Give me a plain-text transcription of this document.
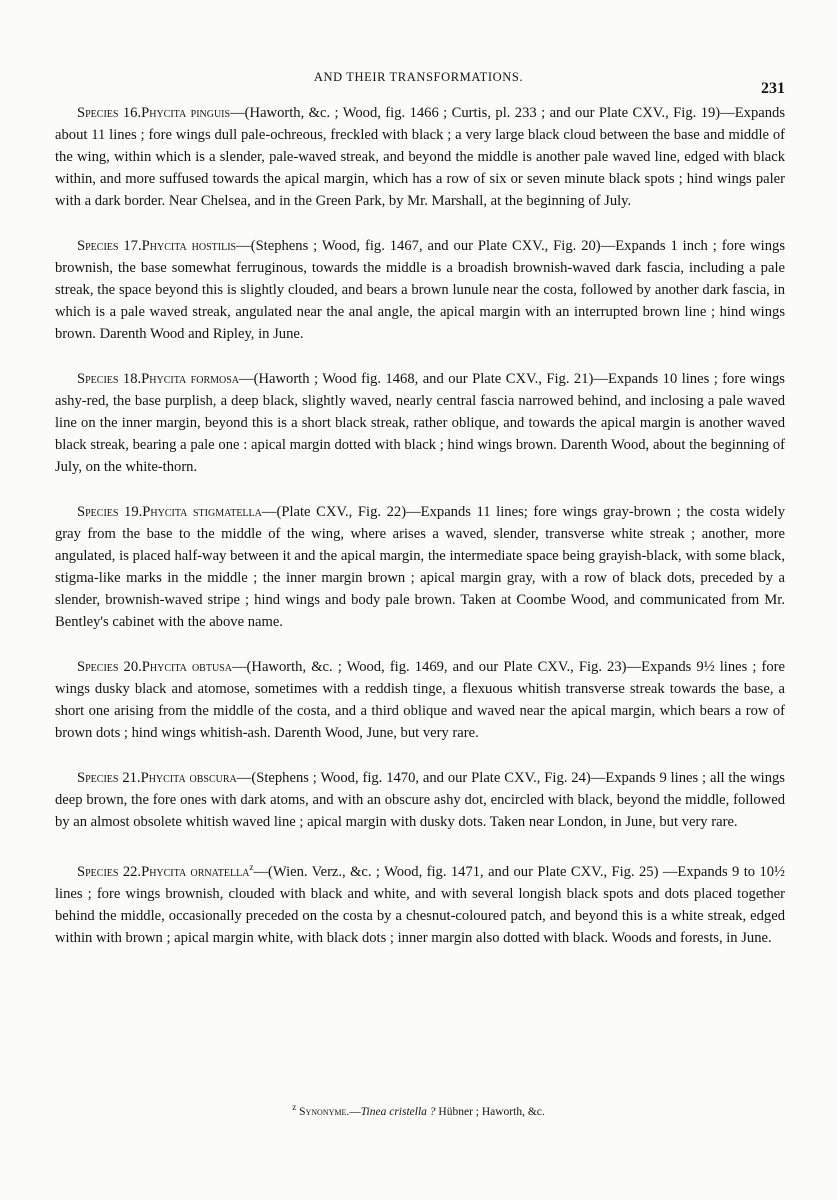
AND THEIR TRANSFORMATIONS.
231

Species 16.Phycita pinguis—(Haworth, &c. ; Wood, fig. 1466 ; Curtis, pl. 233 ; and our Plate CXV., Fig. 19)—Expands about 11 lines ; fore wings dull pale-ochreous, freckled with black ; a very large black cloud between the base and middle of the wing, within which is a slender, pale-waved streak, and beyond the middle is another pale waved line, edged with black within, and more suffused towards the apical margin, which has a row of six or seven minute black spots ; hind wings paler with a dark border. Near Chelsea, and in the Green Park, by Mr. Marshall, at the beginning of July.

Species 17.Phycita hostilis—(Stephens ; Wood, fig. 1467, and our Plate CXV., Fig. 20)—Expands 1 inch ; fore wings brownish, the base somewhat ferruginous, towards the middle is a broadish brownish-waved dark fascia, including a pale streak, the space beyond this is slightly clouded, and bears a brown lunule near the costa, followed by another dark fascia, in which is a pale waved streak, angulated near the anal angle, the apical margin with an interrupted brown line ; hind wings brown. Darenth Wood and Ripley, in June.

Species 18.Phycita formosa—(Haworth ; Wood fig. 1468, and our Plate CXV., Fig. 21)—Expands 10 lines ; fore wings ashy-red, the base purplish, a deep black, slightly waved, nearly central fascia narrowed behind, and inclosing a pale waved line on the inner margin, beyond this is a short black streak, rather oblique, and towards the apical margin is another waved black streak, bearing a pale one : apical margin dotted with black ; hind wings brown. Darenth Wood, about the beginning of July, on the white-thorn.

Species 19.Phycita stigmatella—(Plate CXV., Fig. 22)—Expands 11 lines; fore wings gray-brown ; the costa widely gray from the base to the middle of the wing, where arises a waved, slender, transverse white streak ; another, more angulated, is placed half-way between it and the apical margin, the intermediate space being grayish-black, with some black, stigma-like marks in the middle ; the inner margin brown ; apical margin gray, with a row of black dots, preceded by a slender, brownish-waved stripe ; hind wings and body pale brown. Taken at Coombe Wood, and communicated from Mr. Bentley's cabinet with the above name.

Species 20.Phycita obtusa—(Haworth, &c. ; Wood, fig. 1469, and our Plate CXV., Fig. 23)—Expands 9½ lines ; fore wings dusky black and atomose, sometimes with a reddish tinge, a flexuous whitish transverse streak towards the base, a short one arising from the middle of the costa, and a third oblique and waved near the apical margin, which bears a row of brown dots ; hind wings whitish-ash. Darenth Wood, June, but very rare.

Species 21.Phycita obscura—(Stephens ; Wood, fig. 1470, and our Plate CXV., Fig. 24)—Expands 9 lines ; all the wings deep brown, the fore ones with dark atoms, and with an obscure ashy dot, encircled with black, beyond the middle, followed by an almost obsolete whitish waved line ; apical margin with dusky dots. Taken near London, in June, but very rare.

Species 22.Phycita ornatella$^z$—(Wien. Verz., &c. ; Wood, fig. 1471, and our Plate CXV., Fig. 25) —Expands 9 to 10½ lines ; fore wings brownish, clouded with black and white, and with several longish black spots and dots placed together behind the middle, occasionally preceded on the costa by a chesnut-coloured patch, and beyond this is a white streak, edged within with brown ; apical margin white, with black dots ; inner margin also dotted with black. Woods and forests, in June.

$^z$ Synonyme.—Tinea cristella ? Hübner ; Haworth, &c.
